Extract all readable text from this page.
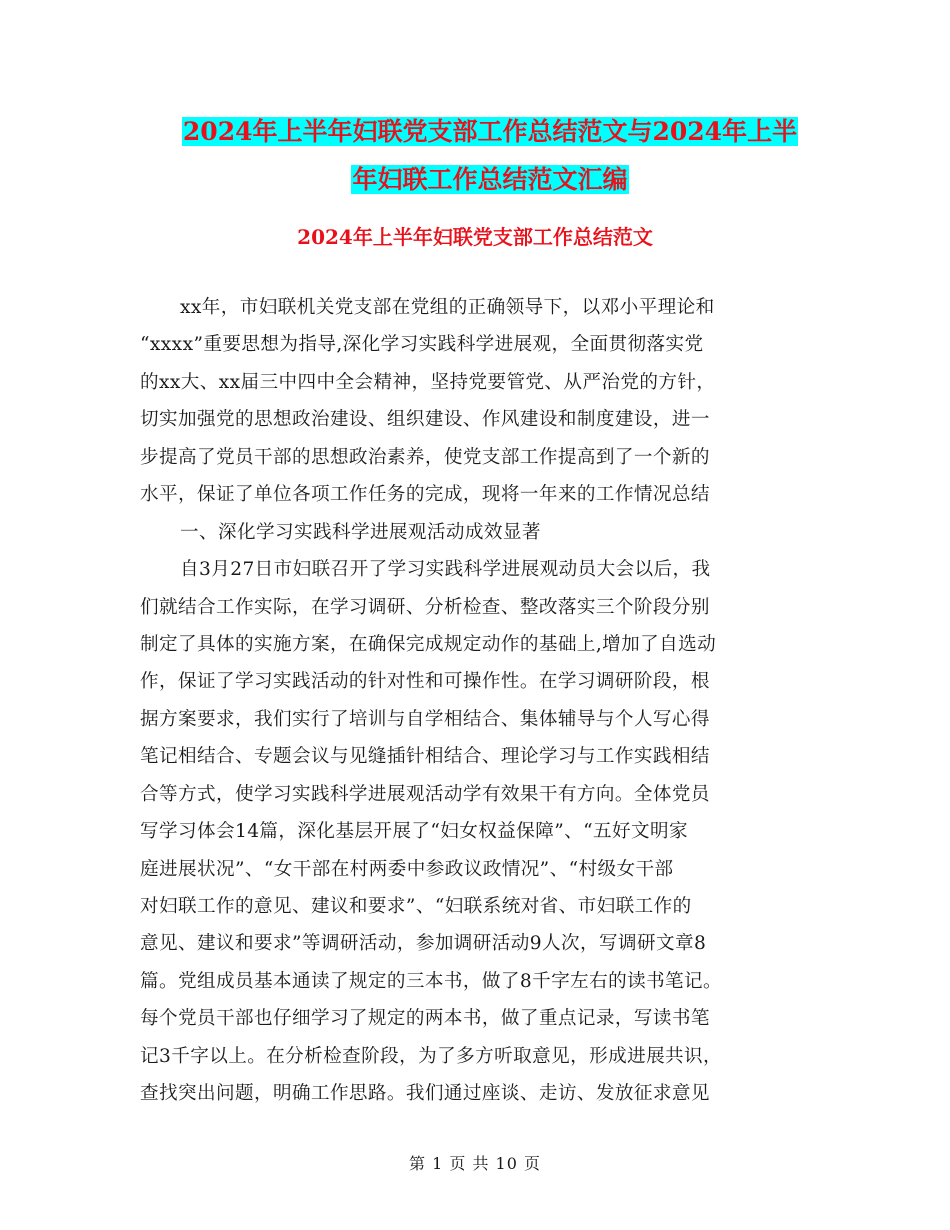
2024年上半年妇联党支部工作总结范文与2024年上半
年妇联工作总结范文汇编
2024年上半年妇联党支部工作总结范文
xx年，市妇联机关党支部在党组的正确领导下，以邓小平理论和
“xxxx”重要思想为指导,深化学习实践科学进展观，全面贯彻落实党
的xx大、xx届三中四中全会精神，坚持党要管党、从严治党的方针，
切实加强党的思想政治建设、组织建设、作风建设和制度建设，进一
步提高了党员干部的思想政治素养，使党支部工作提高到了一个新的
水平，保证了单位各项工作任务的完成，现将一年来的工作情况总结
一、深化学习实践科学进展观活动成效显著
自3月27日市妇联召开了学习实践科学进展观动员大会以后，我
们就结合工作实际，在学习调研、分析检查、整改落实三个阶段分别
制定了具体的实施方案，在确保完成规定动作的基础上,增加了自选动
作，保证了学习实践活动的针对性和可操作性。在学习调研阶段，根
据方案要求，我们实行了培训与自学相结合、集体辅导与个人写心得
笔记相结合、专题会议与见缝插针相结合、理论学习与工作实践相结
合等方式，使学习实践科学进展观活动学有效果干有方向。全体党员
写学习体会14篇，深化基层开展了“妇女权益保障”、“五好文明家
庭进展状况”、“女干部在村两委中参政议政情况”、“村级女干部
对妇联工作的意见、建议和要求”、“妇联系统对省、市妇联工作的
意见、建议和要求”等调研活动，参加调研活动9人次，写调研文章8
篇。党组成员基本通读了规定的三本书，做了8千字左右的读书笔记。
每个党员干部也仔细学习了规定的两本书，做了重点记录，写读书笔
记3千字以上。在分析检查阶段，为了多方听取意见，形成进展共识，
查找突出问题，明确工作思路。我们通过座谈、走访、发放征求意见
第 1 页 共 10 页
